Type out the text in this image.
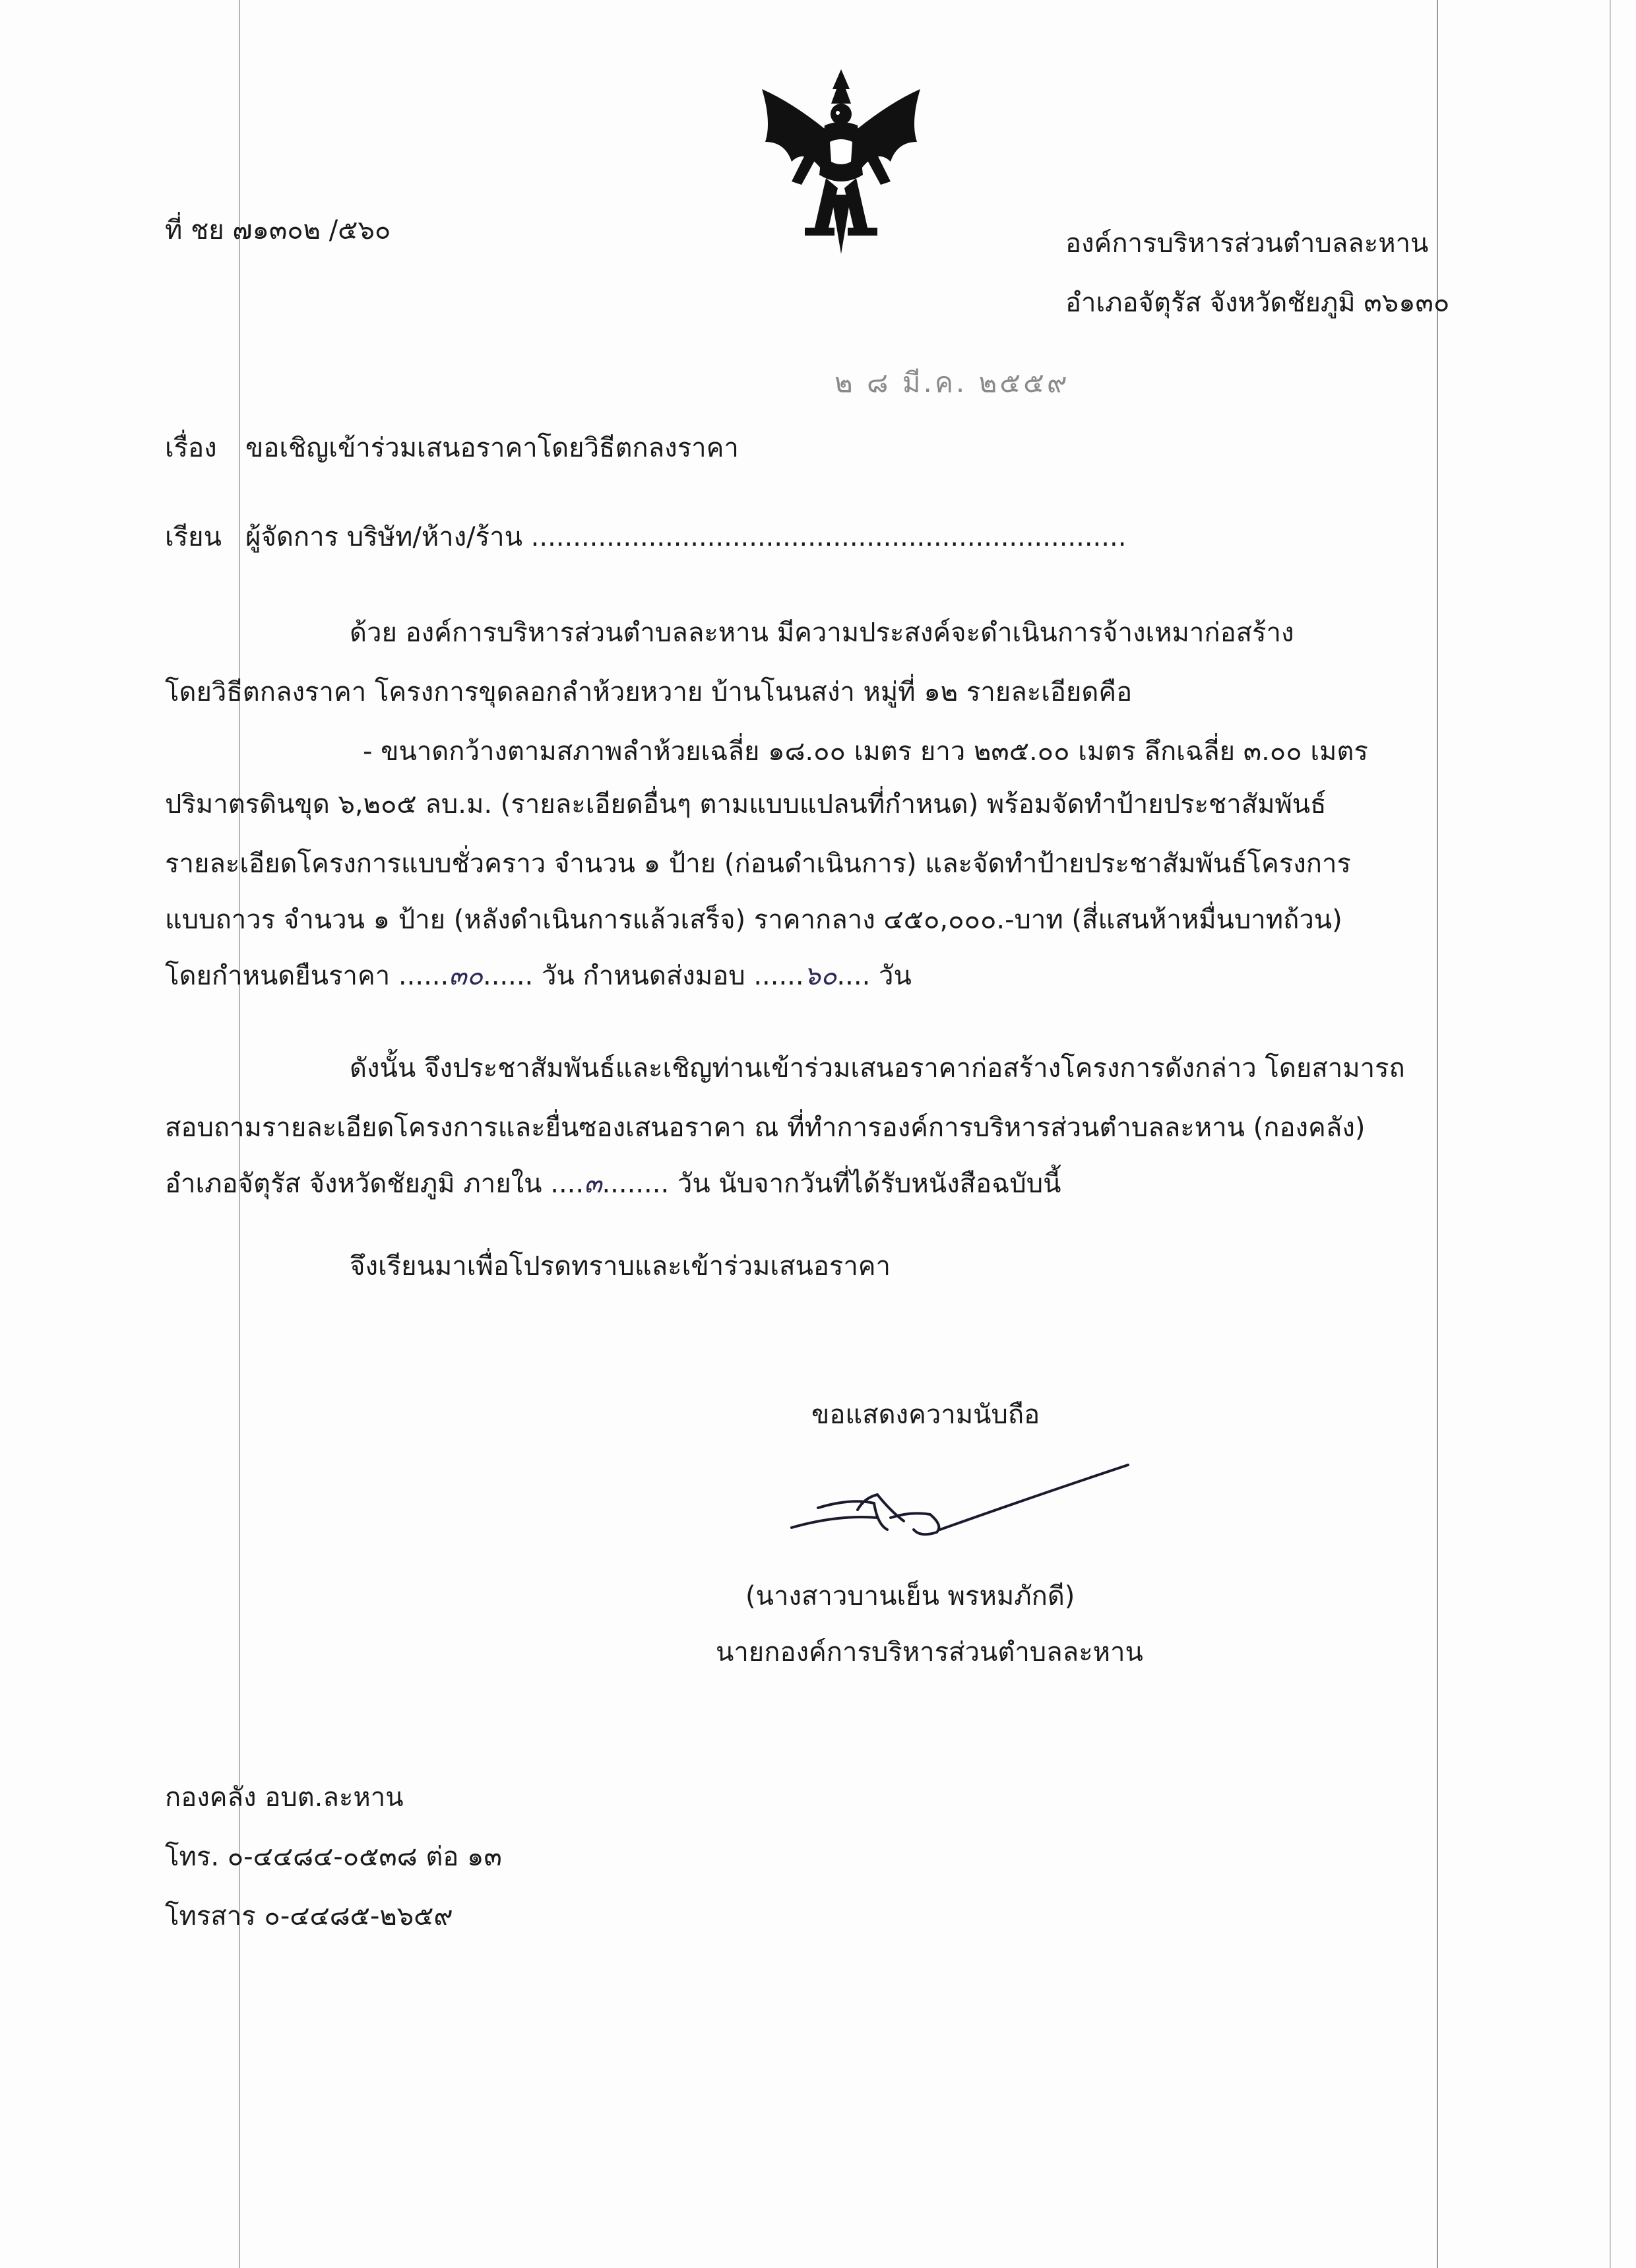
ที่ ชย ๗๑๓๐๒ /๕๖๐	องค์การบริหารส่วนตำบลละหาน
อำเภอจัตุรัส จังหวัดชัยภูมิ ๓๖๑๓๐
๒ ๘ มี.ค. ๒๕๕๙
เรื่อง ขอเชิญเข้าร่วมเสนอราคาโดยวิธีตกลงราคา
เรียน ผู้จัดการ บริษัท/ห้าง/ร้าน .......................................................................
ด้วย องค์การบริหารส่วนตำบลละหาน มีความประสงค์จะดำเนินการจ้างเหมาก่อสร้าง
โดยวิธีตกลงราคา โครงการขุดลอกลำห้วยหวาย บ้านโนนสง่า หมู่ที่ ๑๒ รายละเอียดคือ
- ขนาดกว้างตามสภาพลำห้วยเฉลี่ย ๑๘.๐๐ เมตร ยาว ๒๓๕.๐๐ เมตร ลึกเฉลี่ย ๓.๐๐ เมตร
ปริมาตรดินขุด ๖,๒๐๕ ลบ.ม. (รายละเอียดอื่นๆ ตามแบบแปลนที่กำหนด) พร้อมจัดทำป้ายประชาสัมพันธ์
รายละเอียดโครงการแบบชั่วคราว จำนวน ๑ ป้าย (ก่อนดำเนินการ) และจัดทำป้ายประชาสัมพันธ์โครงการ
แบบถาวร จำนวน ๑ ป้าย (หลังดำเนินการแล้วเสร็จ) ราคากลาง ๔๕๐,๐๐๐.-บาท (สี่แสนห้าหมื่นบาทถ้วน)
โดยกำหนดยืนราคา ......๓๐...... วัน กำหนดส่งมอบ ......๖๐.... วัน
ดังนั้น จึงประชาสัมพันธ์และเชิญท่านเข้าร่วมเสนอราคาก่อสร้างโครงการดังกล่าว โดยสามารถ
สอบถามรายละเอียดโครงการและยื่นซองเสนอราคา ณ ที่ทำการองค์การบริหารส่วนตำบลละหาน (กองคลัง)
อำเภอจัตุรัส จังหวัดชัยภูมิ ภายใน ....๓........ วัน นับจากวันที่ได้รับหนังสือฉบับนี้
จึงเรียนมาเพื่อโปรดทราบและเข้าร่วมเสนอราคา
ขอแสดงความนับถือ
(นางสาวบานเย็น พรหมภักดี)
นายกองค์การบริหารส่วนตำบลละหาน
กองคลัง อบต.ละหาน
โทร. ๐-๔๔๘๔-๐๕๓๘ ต่อ ๑๓
โทรสาร ๐-๔๔๘๕-๒๖๕๙
